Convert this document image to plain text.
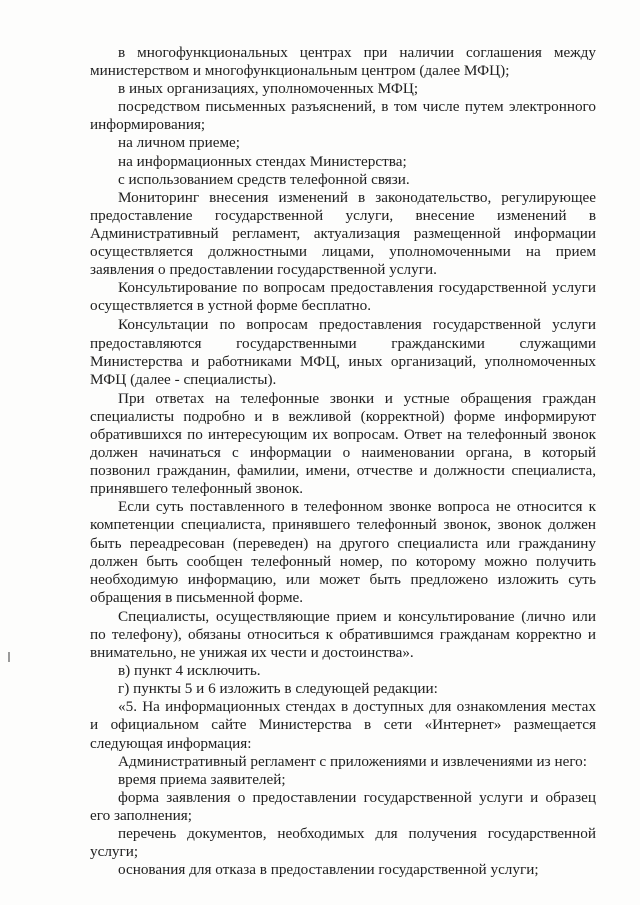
в многофункциональных центрах при наличии соглашения между министерством и многофункциональным центром (далее МФЦ);

в иных организациях, уполномоченных МФЦ;

посредством письменных разъяснений, в том числе путем электронного информирования;

на личном приеме;

на информационных стендах Министерства;

с использованием средств телефонной связи.

Мониторинг внесения изменений в законодательство, регулирующее предоставление государственной услуги, внесение изменений в Административный регламент, актуализация размещенной информации осуществляется должностными лицами, уполномоченными на прием заявления о предоставлении государственной услуги.

Консультирование по вопросам предоставления государственной услуги осуществляется в устной форме бесплатно.

Консультации по вопросам предоставления государственной услуги предоставляются государственными гражданскими служащими Министерства и работниками МФЦ, иных организаций, уполномоченных МФЦ (далее - специалисты).

При ответах на телефонные звонки и устные обращения граждан специалисты подробно и в вежливой (корректной) форме информируют обратившихся по интересующим их вопросам. Ответ на телефонный звонок должен начинаться с информации о наименовании органа, в который позвонил гражданин, фамилии, имени, отчестве и должности специалиста, принявшего телефонный звонок.

Если суть поставленного в телефонном звонке вопроса не относится к компетенции специалиста, принявшего телефонный звонок, звонок должен быть переадресован (переведен) на другого специалиста или гражданину должен быть сообщен телефонный номер, по которому можно получить необходимую информацию, или может быть предложено изложить суть обращения в письменной форме.

Специалисты, осуществляющие прием и консультирование (лично или по телефону), обязаны относиться к обратившимся гражданам корректно и внимательно, не унижая их чести и достоинства».

в) пункт 4 исключить.

г) пункты 5 и 6 изложить в следующей редакции:

«5. На информационных стендах в доступных для ознакомления местах и официальном сайте Министерства в сети «Интернет» размещается следующая информация:

Административный регламент с приложениями и извлечениями из него:

время приема заявителей;

форма заявления о предоставлении государственной услуги и образец его заполнения;

перечень документов, необходимых для получения государственной услуги;

основания для отказа в предоставлении государственной услуги;
